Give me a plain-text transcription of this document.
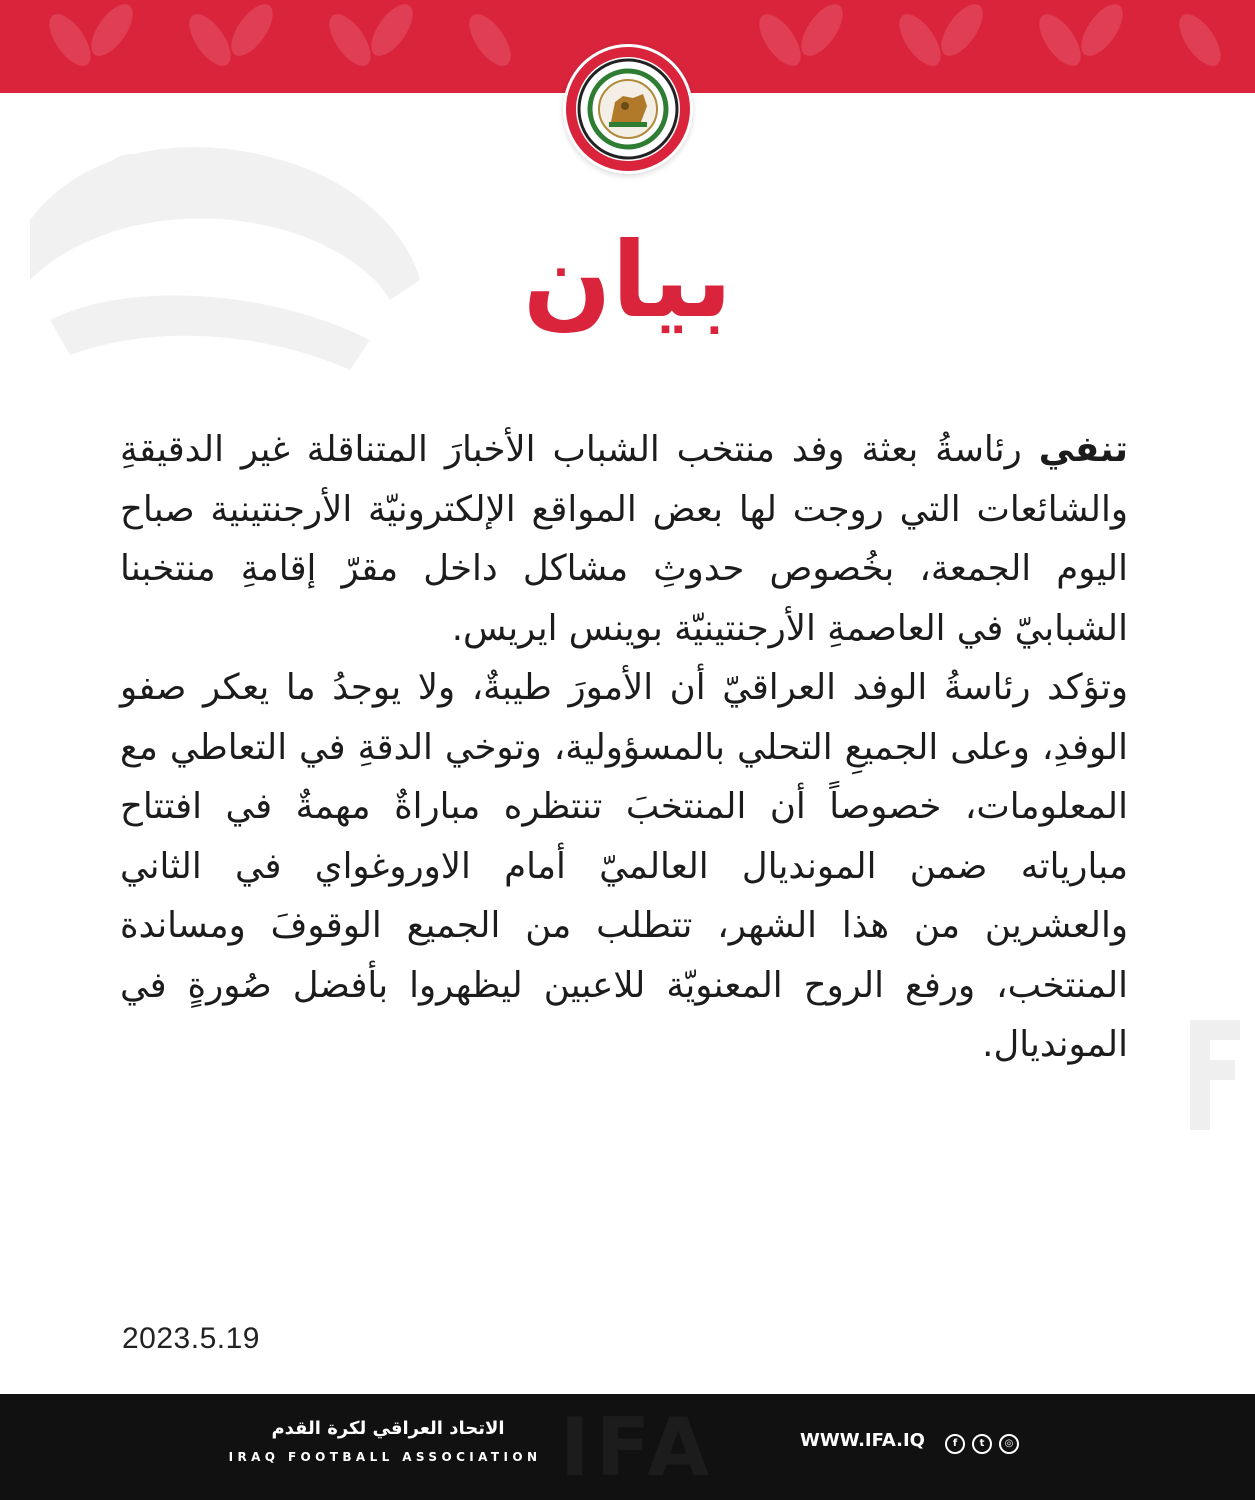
بيان

تنفي رئاسةُ بعثة وفد منتخب الشباب الأخبارَ المتناقلة غير الدقيقةِ والشائعات التي روجت لها بعض المواقع الإلكترونيّة الأرجنتينية صباح اليوم الجمعة، بخُصوص حدوثِ مشاكل داخل مقرّ إقامةِ منتخبنا الشبابيّ في العاصمةِ الأرجنتينيّة بوينس ايريس.

وتؤكد رئاسةُ الوفد العراقيّ أن الأمورَ طيبةٌ، ولا يوجدُ ما يعكر صفو الوفدِ، وعلى الجميعِ التحلي بالمسؤولية، وتوخي الدقةِ في التعاطي مع المعلومات، خصوصاً أن المنتخبَ تنتظره مباراةٌ مهمةٌ في افتتاح مبارياته ضمن المونديال العالميّ أمام الاوروغواي في الثاني والعشرين من هذا الشهر، تتطلب من الجميع الوقوفَ ومساندة المنتخب، ورفع الروح المعنويّة للاعبين ليظهروا بأفضل صُورةٍ في المونديال.

2023.5.19
IFA
الاتحاد العراقي لكرة القدم
IRAQ FOOTBALL ASSOCIATION
WWW.IFA.IQ	f	t	◎
